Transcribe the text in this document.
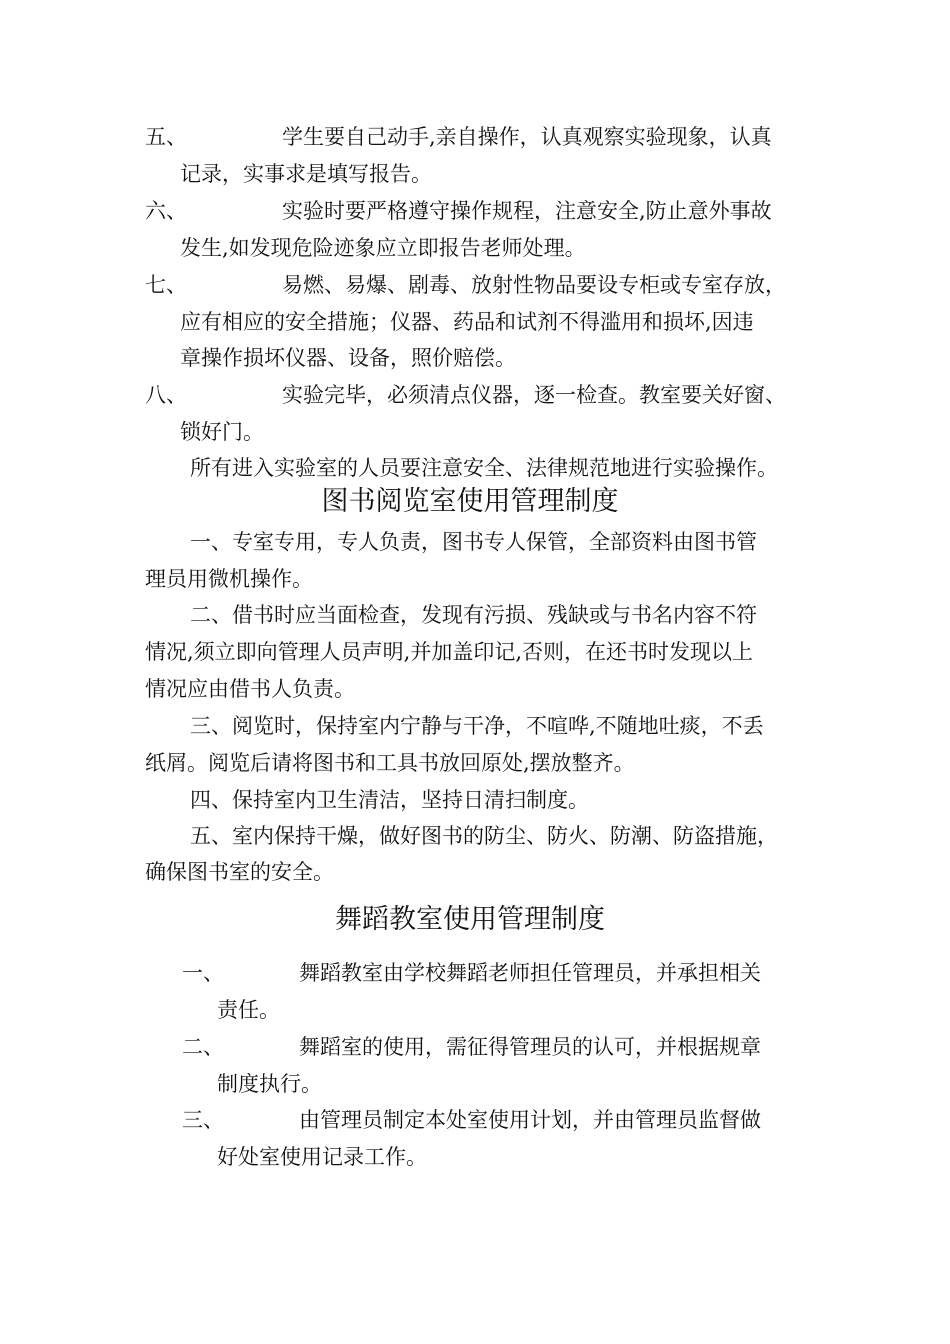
五、	学生要自己动手,亲自操作，认真观察实验现象，认真
记录，实事求是填写报告。
六、	实验时要严格遵守操作规程，注意安全,防止意外事故
发生,如发现危险迹象应立即报告老师处理。
七、	易燃、易爆、剧毒、放射性物品要设专柜或专室存放，
应有相应的安全措施；仪器、药品和试剂不得滥用和损坏,因违
章操作损坏仪器、设备，照价赔偿。
八、	实验完毕，必须清点仪器，逐一检查。教室要关好窗、
锁好门。
所有进入实验室的人员要注意安全、法律规范地进行实验操作。
图书阅览室使用管理制度
一、专室专用，专人负责，图书专人保管，全部资料由图书管
理员用微机操作。
二、借书时应当面检查，发现有污损、残缺或与书名内容不符
情况,须立即向管理人员声明,并加盖印记,否则，在还书时发现以上
情况应由借书人负责。
三、阅览时，保持室内宁静与干净，不喧哗,不随地吐痰，不丢
纸屑。阅览后请将图书和工具书放回原处,摆放整齐。
四、保持室内卫生清洁，坚持日清扫制度。
五、室内保持干燥，做好图书的防尘、防火、防潮、防盗措施，
确保图书室的安全。
舞蹈教室使用管理制度
一、	舞蹈教室由学校舞蹈老师担任管理员，并承担相关
责任。
二、	舞蹈室的使用，需征得管理员的认可，并根据规章
制度执行。
三、	由管理员制定本处室使用计划，并由管理员监督做
好处室使用记录工作。
